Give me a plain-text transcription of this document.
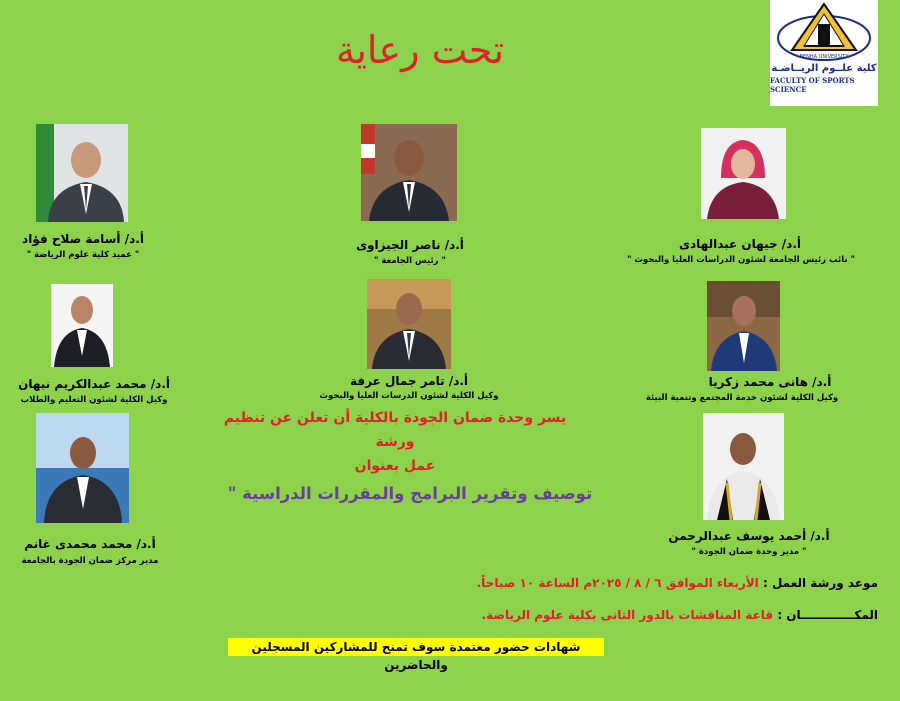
تحت رعاية	BENHA UNIVERSITY
كلية علــوم الريــاضـة
FACULTY OF SPORTS SCIENCE
أ.د/ أسامة صلاح فؤاد
" عميد كلية علوم الرياضة "
أ.د/ ناصر الجيزاوى
" رئيس الجامعة "
أ.د/ جيهان عبدالهادى
" نائب رئيس الجامعة لشئون الدراسات العليا والبحوث "
أ.د/ محمد عبدالكريم نبهان
وكيل الكلية لشئون التعليم والطلاب
أ.د/ تامر جمال عرفة
وكيل الكلية لشئون الدرسات العليا والبحوث
أ.د/ هانى محمد زكريا
وكيل الكلية لشئون خدمة المجتمع وتنمية البيئة
أ.د/ محمد محمدى غانم
مدير مركز ضمان الجودة بالجامعة
أ.د/ أحمد يوسف عبدالرحمن
" مدير وحدة ضمان الجودة "
يسر وحدة ضمان الجودة بالكلية أن تعلن عن تنظيم ورشة
عمل بعنوان
توصيف وتقرير البرامج والمقررات الدراسية "
موعد ورشة العمل : الأربعاء الموافق ٦ / ٨ / ٢٠٢٥م الساعة ١٠ صباحاً.
المكـــــــــــــان : قاعة المناقشات بالدور الثانى بكلية علوم الرياضة.
شهادات حضور معتمدة سوف تمنح للمشاركين المسجلين والحاضرين
